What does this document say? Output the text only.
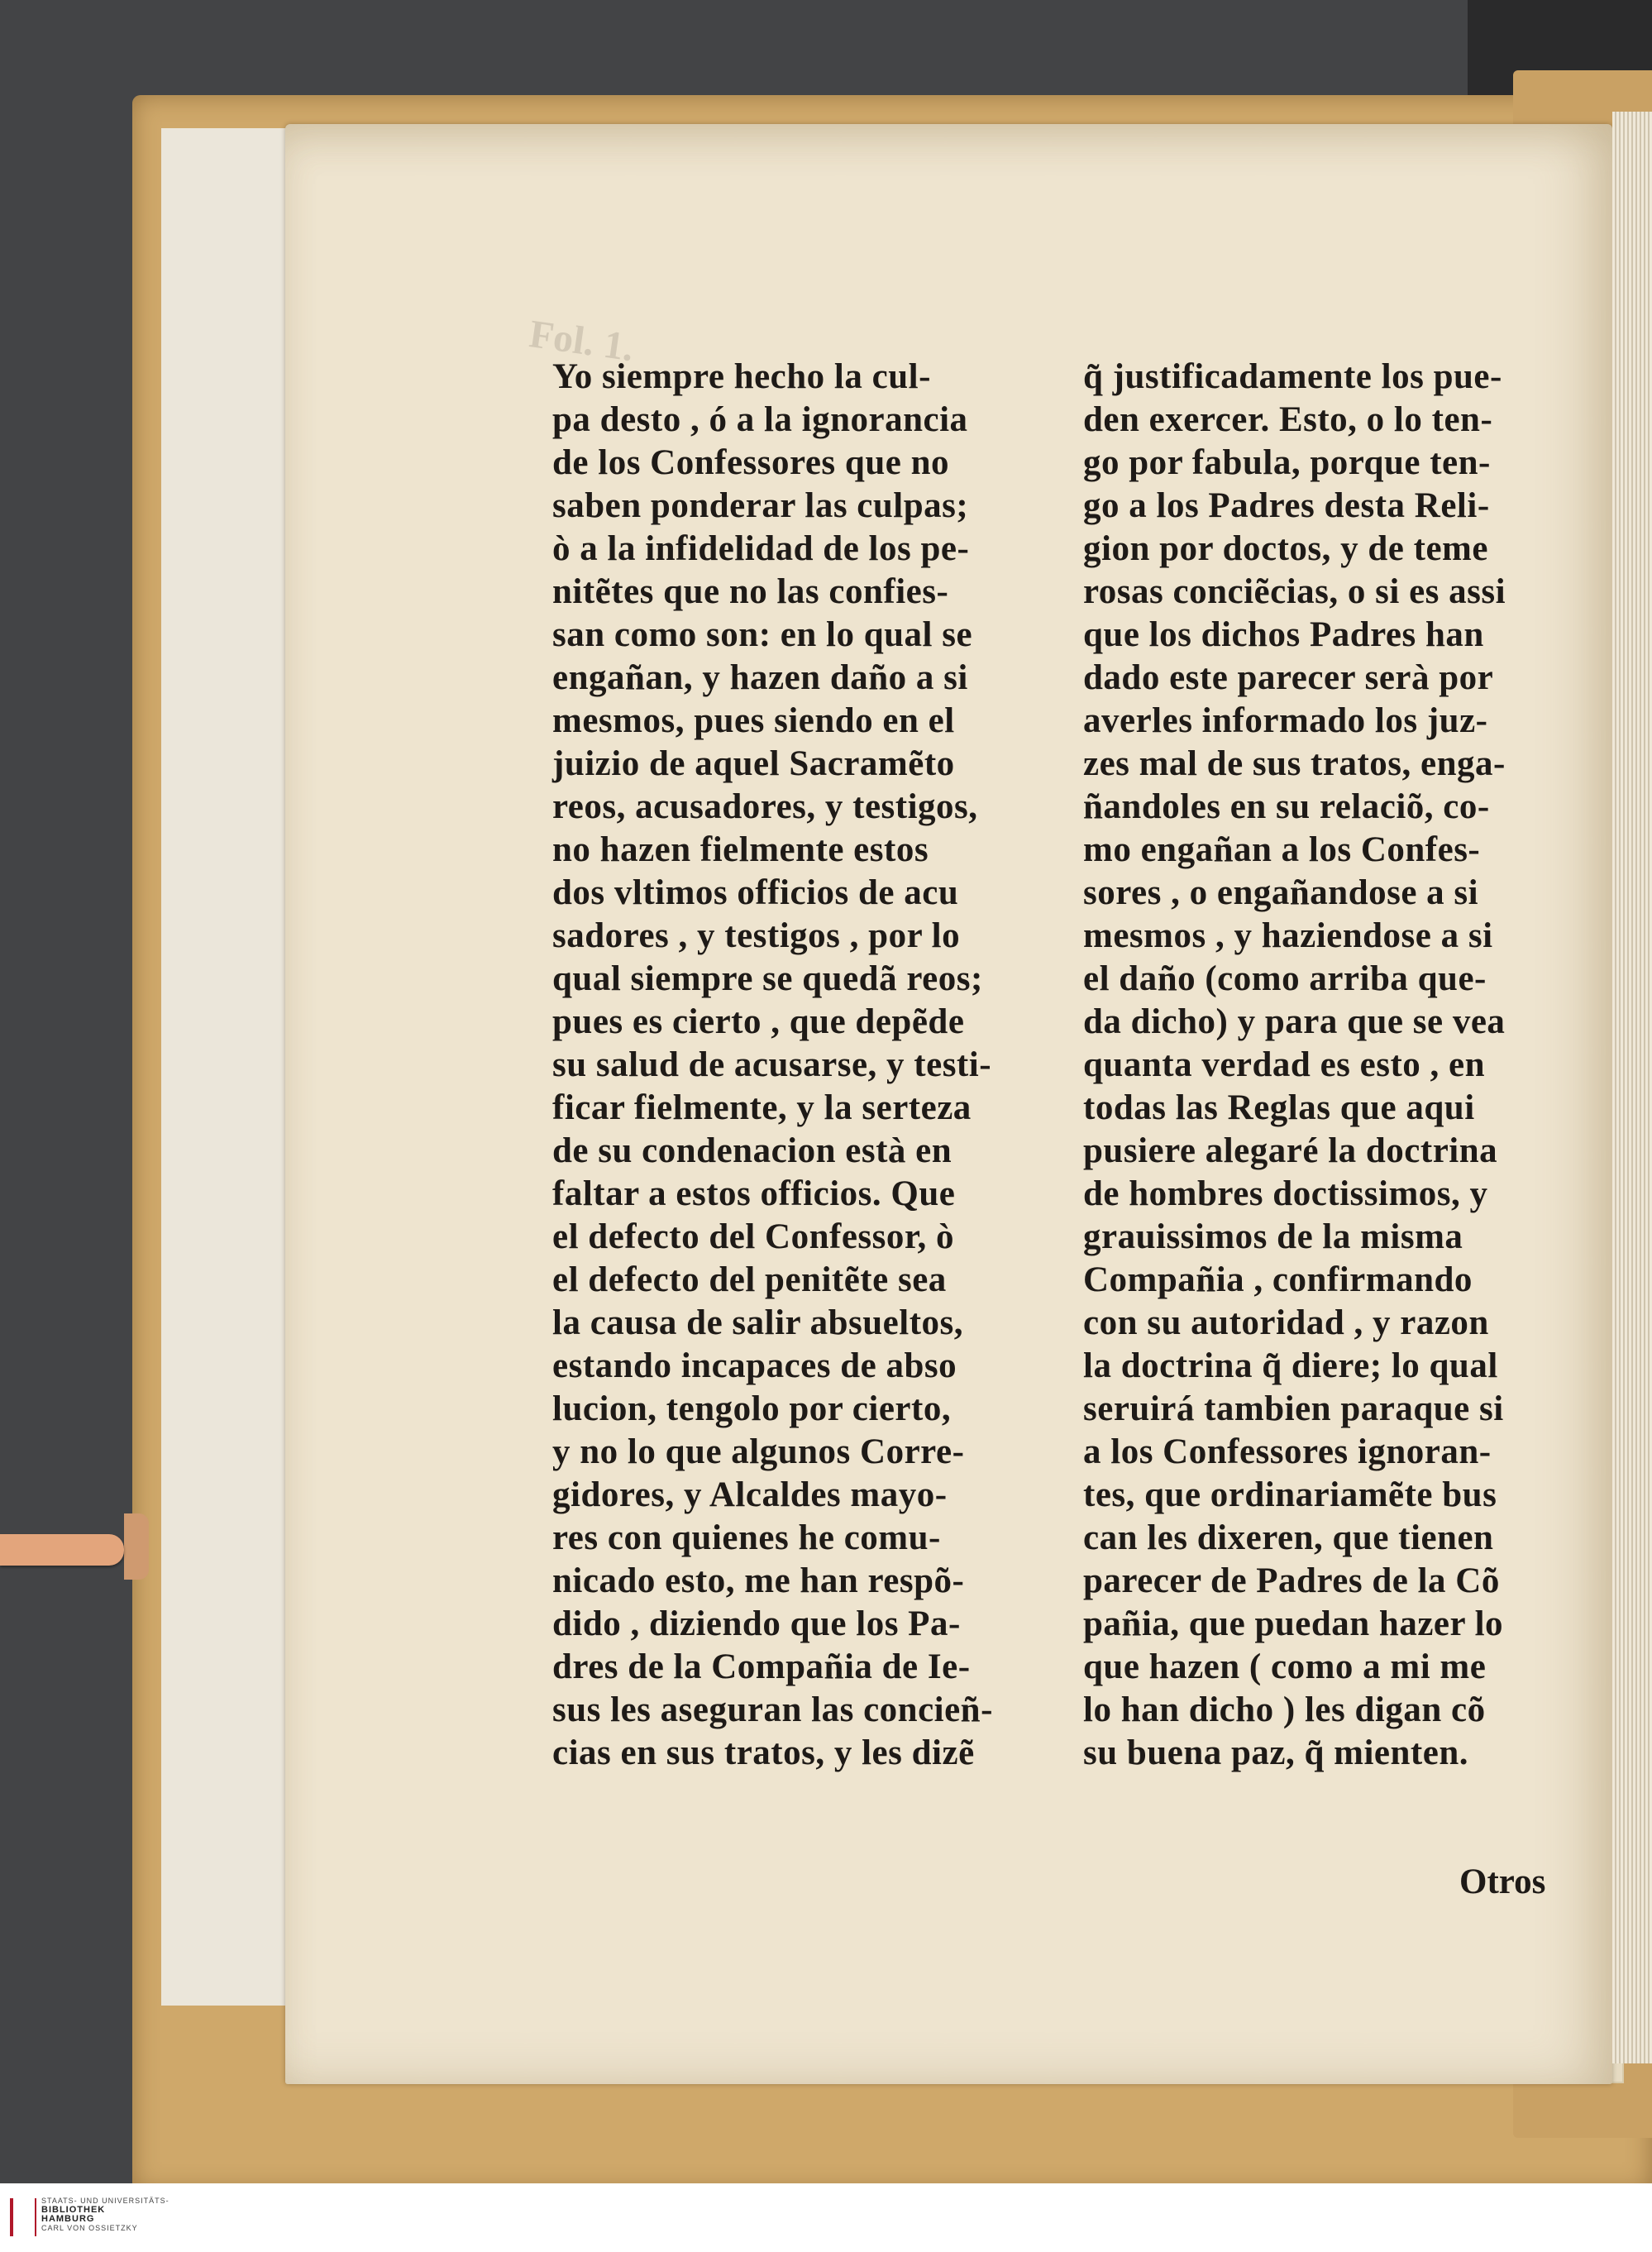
Fol. 1.
Yo siempre hecho la cul-
pa desto , ó a la ignorancia
de los Confessores que no
saben ponderar las culpas;
ò a la infidelidad de los pe-
nitẽtes que no las confies-
san como son: en lo qual se
engañan, y hazen daño a si
mesmos, pues siendo en el
juizio de aquel Sacramẽto
reos, acusadores, y testigos,
no hazen fielmente estos
dos vltimos officios de acu
sadores , y testigos , por lo
qual siempre se quedã reos;
pues es cierto , que depẽde
su salud de acusarse, y testi-
ficar fielmente, y la serteza
de su condenacion està en
faltar a estos officios. Que
el defecto del Confessor, ò
el defecto del penitẽte sea
la causa de salir absueltos,
estando incapaces de abso
lucion, tengolo por cierto,
y no lo que algunos Corre-
gidores, y Alcaldes mayo-
res con quienes he comu-
nicado esto, me han respõ-
dido , diziendo que los Pa-
dres de la Compañia de Ie-
sus les aseguran las concieñ-
cias en sus tratos, y les dizẽ
q̃ justificadamente los pue-
den exercer. Esto, o lo ten-
go por fabula, porque ten-
go a los Padres desta Reli-
gion por doctos, y de teme
rosas conciẽcias, o si es assi
que los dichos Padres han
dado este parecer serà por
averles informado los juz-
zes mal de sus tratos, enga-
ñandoles en su relaciõ, co-
mo engañan a los Confes-
sores , o engañandose a si
mesmos , y haziendose a si
el daño (como arriba que-
da dicho) y para que se vea
quanta verdad es esto , en
todas las Reglas que aqui
pusiere alegaré la doctrina
de hombres doctissimos, y
grauissimos de la misma
Compañia , confirmando
con su autoridad , y razon
la doctrina q̃ diere; lo qual
seruirá tambien paraque si
a los Confessores ignoran-
tes, que ordinariamẽte bus
can les dixeren, que tienen
parecer de Padres de la Cõ
pañia, que puedan hazer lo
que hazen ( como a mi me
lo han dicho ) les digan cõ
su buena paz, q̃ mienten.
Otros
STAATS- UND UNIVERSITÄTS-
BIBLIOTHEK
HAMBURG
CARL VON OSSIETZKY
